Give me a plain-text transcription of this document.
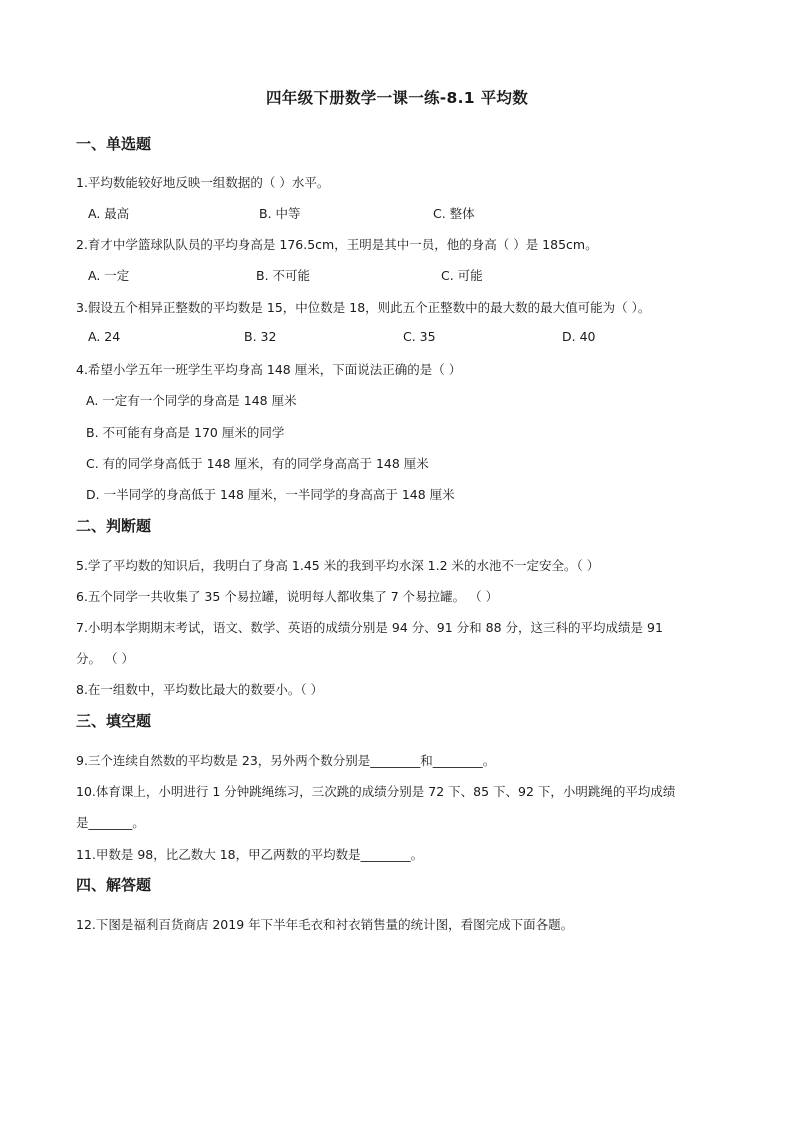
四年级下册数学一课一练-8.1 平均数
一、单选题
1.平均数能较好地反映一组数据的（ ）水平。
A. 最高	B. 中等	C. 整体
2.育才中学篮球队队员的平均身高是 176.5cm，王明是其中一员，他的身高（ ）是 185cm。
A. 一定	B. 不可能	C. 可能
3.假设五个相异正整数的平均数是 15，中位数是 18，则此五个正整数中的最大数的最大值可能为（ ）。
A. 24	B. 32	C. 35	D. 40
4.希望小学五年一班学生平均身高 148 厘米，下面说法正确的是（ ）
A. 一定有一个同学的身高是 148 厘米
B. 不可能有身高是 170 厘米的同学
C. 有的同学身高低于 148 厘米，有的同学身高高于 148 厘米
D. 一半同学的身高低于 148 厘米，一半同学的身高高于 148 厘米
二、判断题
5.学了平均数的知识后，我明白了身高 1.45 米的我到平均水深 1.2 米的水池不一定安全。（ ）
6.五个同学一共收集了 35 个易拉罐，说明每人都收集了 7 个易拉罐。 （ ）
7.小明本学期期末考试，语文、数学、英语的成绩分别是 94 分、91 分和 88 分，这三科的平均成绩是 91
分。 （ ）
8.在一组数中，平均数比最大的数要小。（ ）
三、填空题
9.三个连续自然数的平均数是 23，另外两个数分别是________和________。
10.体育课上，小明进行 1 分钟跳绳练习，三次跳的成绩分别是 72 下、85 下、92 下，小明跳绳的平均成绩
是_______。
11.甲数是 98，比乙数大 18，甲乙两数的平均数是________。
四、解答题
12.下图是福利百货商店 2019 年下半年毛衣和衬衣销售量的统计图，看图完成下面各题。
